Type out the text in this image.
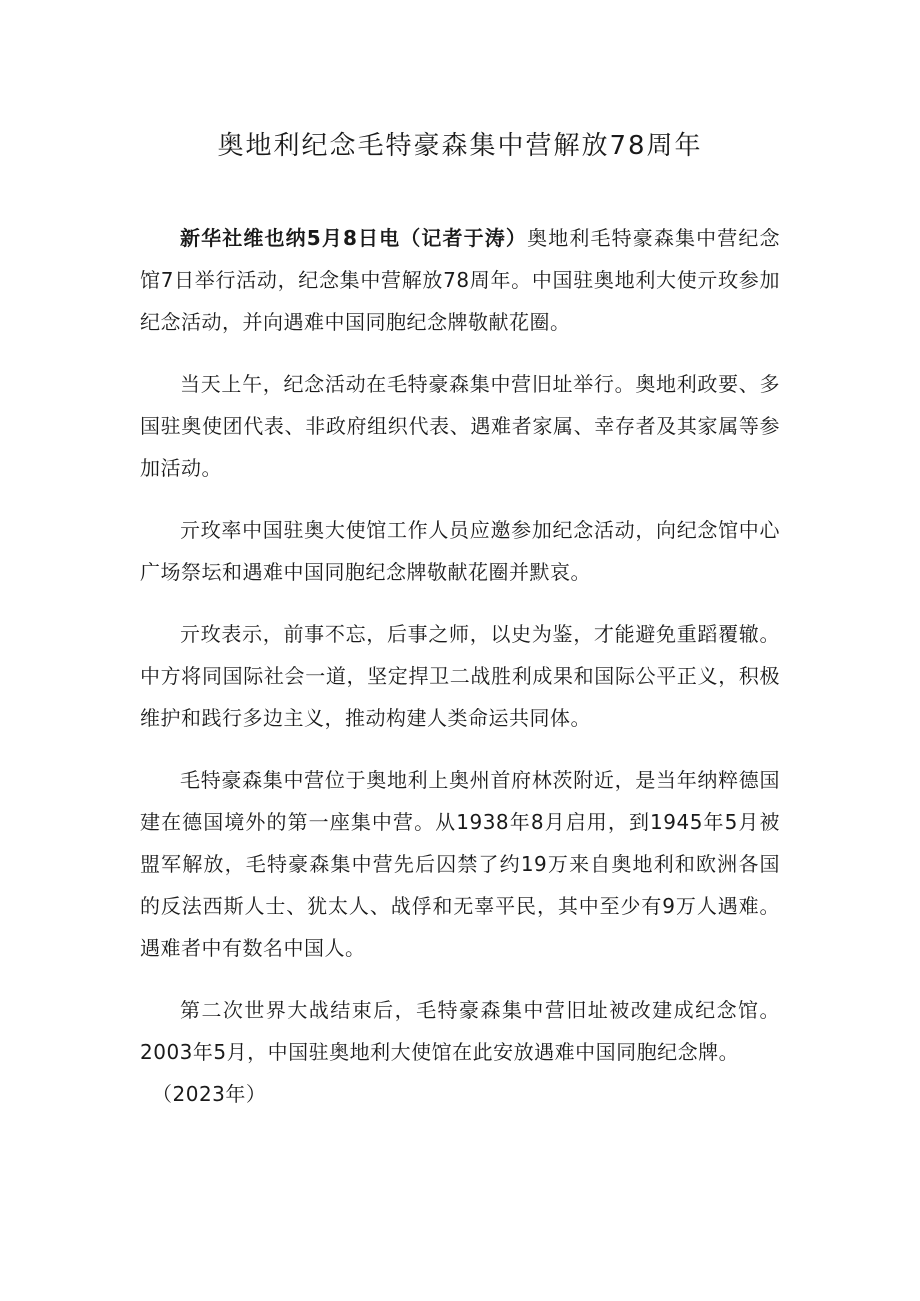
奥地利纪念毛特豪森集中营解放78周年

新华社维也纳5月8日电（记者于涛）奥地利毛特豪森集中营纪念馆7日举行活动，纪念集中营解放78周年。中国驻奥地利大使亓玫参加纪念活动，并向遇难中国同胞纪念牌敬献花圈。

当天上午，纪念活动在毛特豪森集中营旧址举行。奥地利政要、多国驻奥使团代表、非政府组织代表、遇难者家属、幸存者及其家属等参加活动。

亓玫率中国驻奥大使馆工作人员应邀参加纪念活动，向纪念馆中心广场祭坛和遇难中国同胞纪念牌敬献花圈并默哀。

亓玫表示，前事不忘，后事之师，以史为鉴，才能避免重蹈覆辙。中方将同国际社会一道，坚定捍卫二战胜利成果和国际公平正义，积极维护和践行多边主义，推动构建人类命运共同体。

毛特豪森集中营位于奥地利上奥州首府林茨附近，是当年纳粹德国建在德国境外的第一座集中营。从1938年8月启用，到1945年5月被盟军解放，毛特豪森集中营先后囚禁了约19万来自奥地利和欧洲各国的反法西斯人士、犹太人、战俘和无辜平民，其中至少有9万人遇难。遇难者中有数名中国人。

第二次世界大战结束后，毛特豪森集中营旧址被改建成纪念馆。2003年5月，中国驻奥地利大使馆在此安放遇难中国同胞纪念牌。

（2023年）
